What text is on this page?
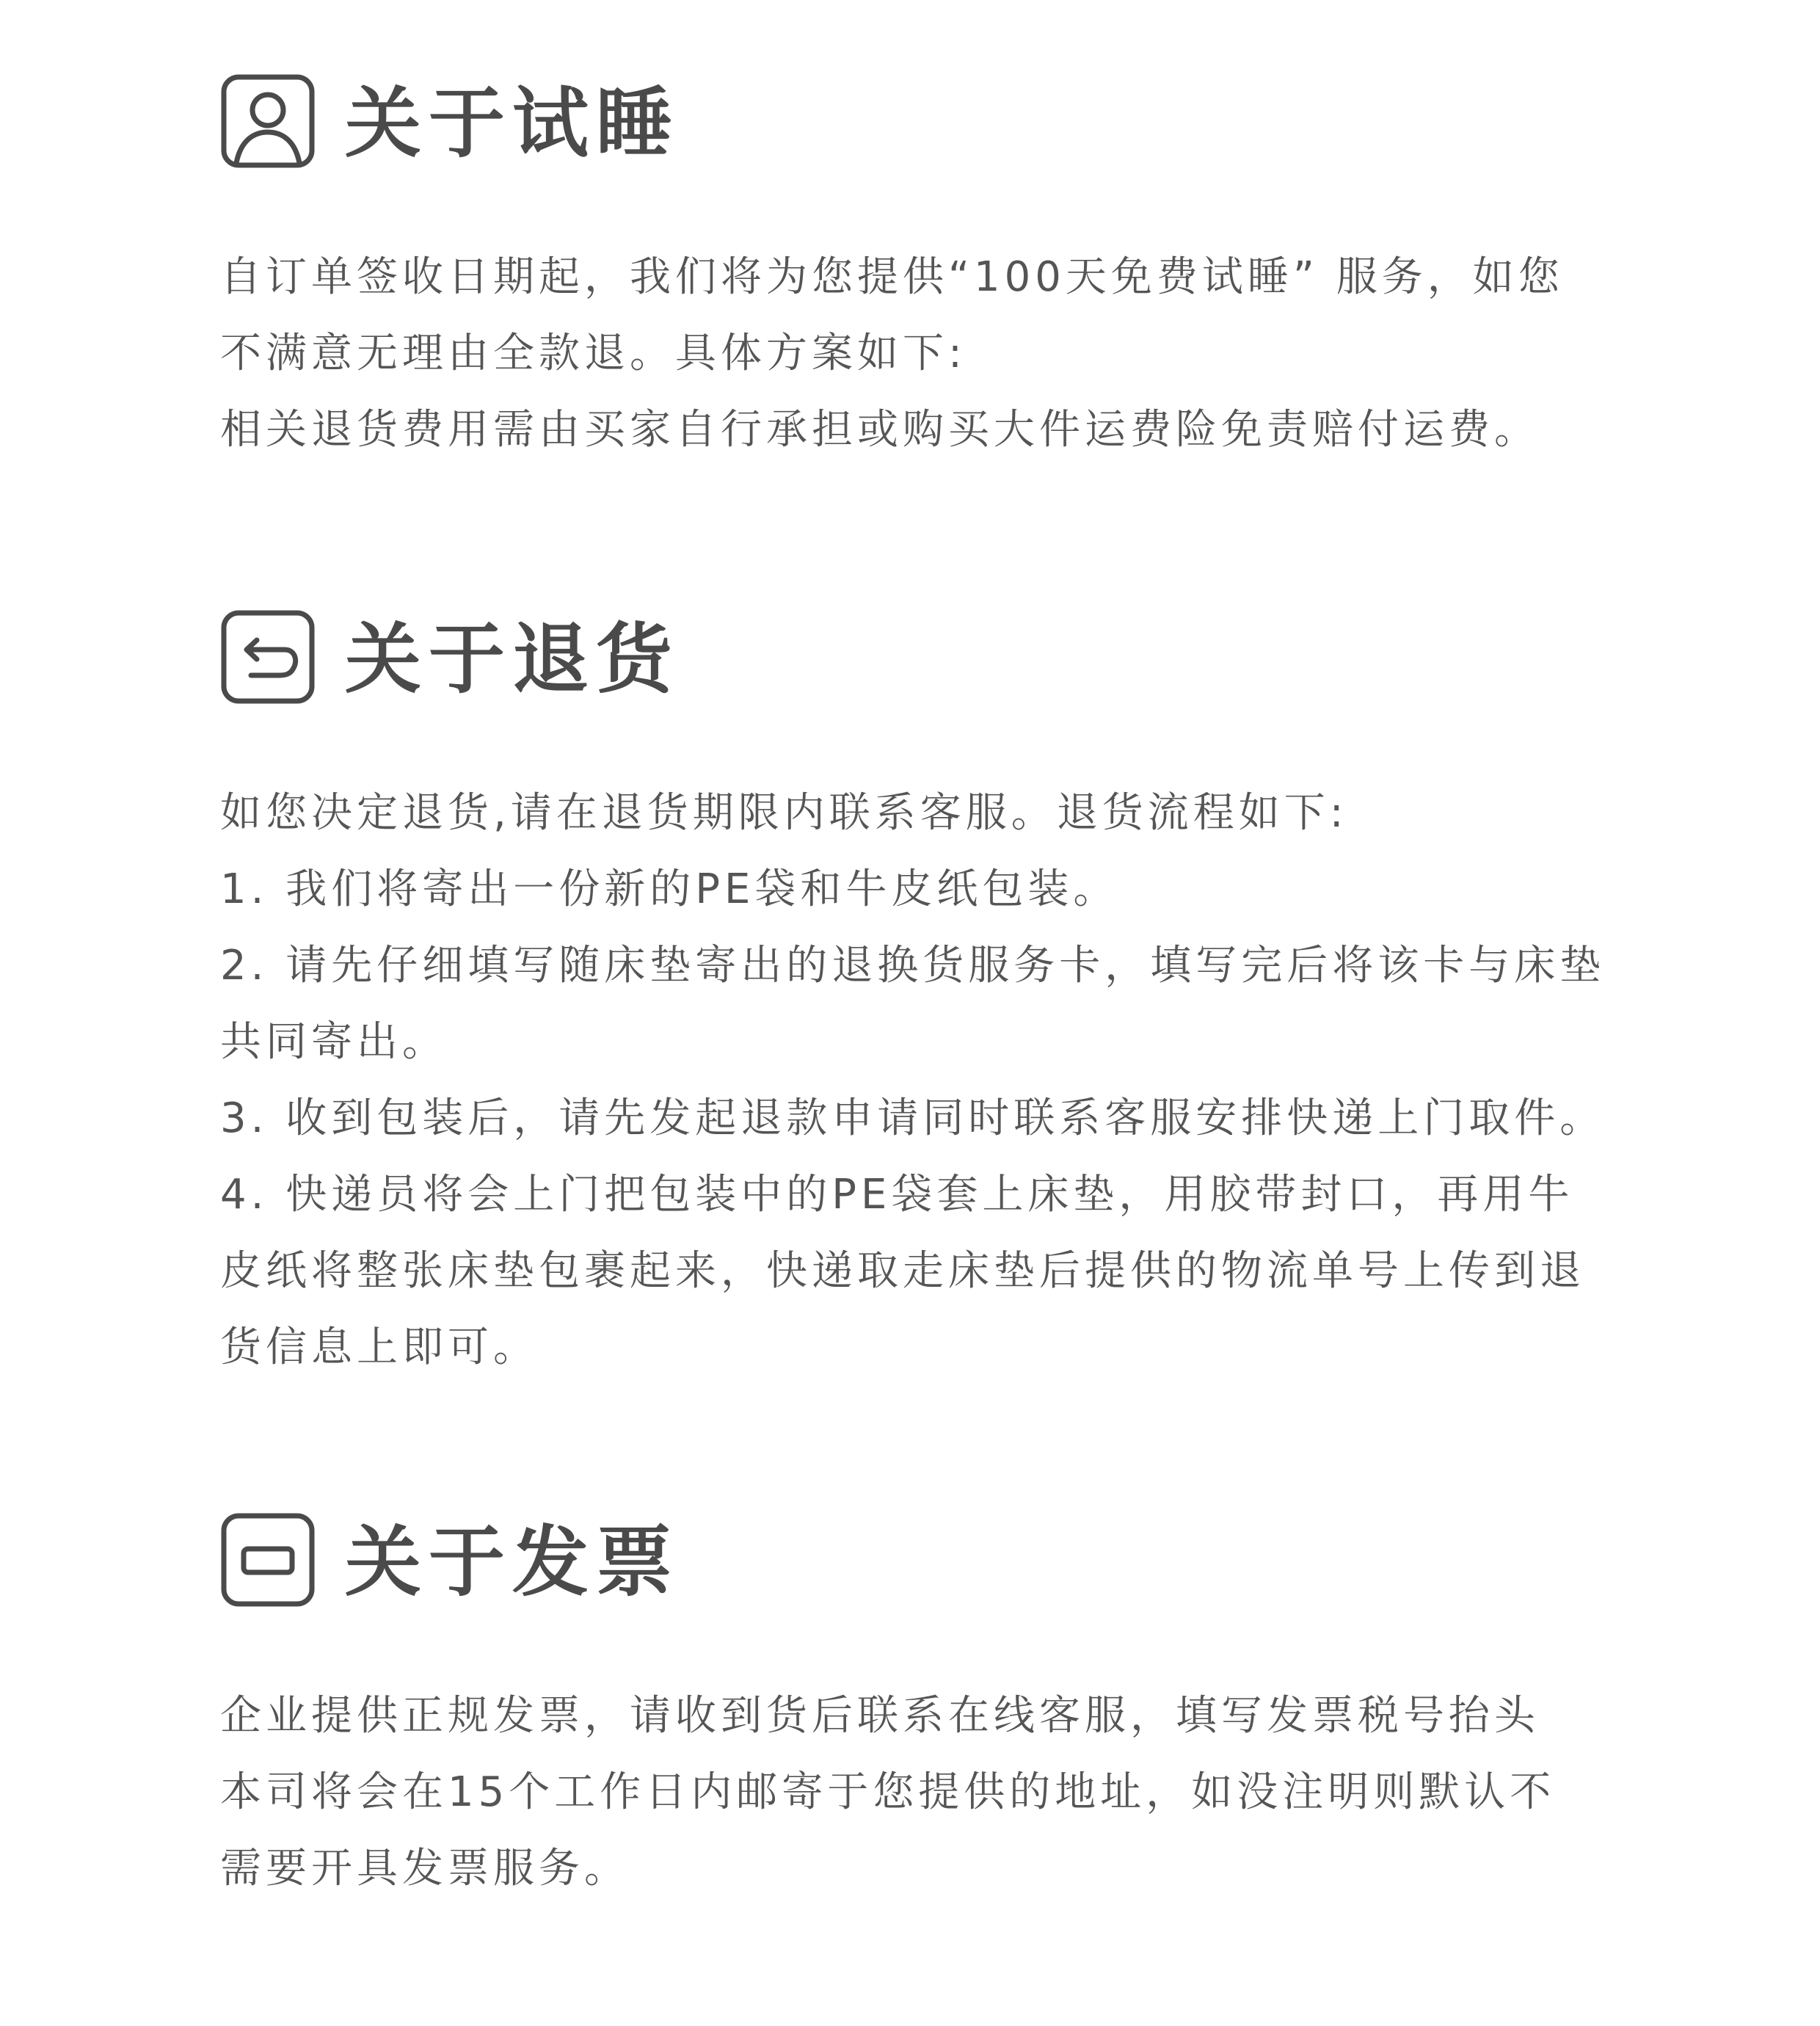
关于试睡

自订单签收日期起，我们将为您提供“100天免费试睡” 服务，如您

不满意无理由全款退。具体方案如下:

相关退货费用需由买家自行承担或购买大件运费险免责赔付运费。

关于退货

如您决定退货,请在退货期限内联系客服。退货流程如下:

1. 我们将寄出一份新的PE袋和牛皮纸包装。

2. 请先仔细填写随床垫寄出的退换货服务卡，填写完后将该卡与床垫

共同寄出。

3. 收到包装后，请先发起退款申请同时联系客服安排快递上门取件。

4. 快递员将会上门把包装中的PE袋套上床垫，用胶带封口，再用牛

皮纸将整张床垫包裹起来，快递取走床垫后提供的物流单号上传到退

货信息上即可。

关于发票

企业提供正规发票，请收到货后联系在线客服，填写发票税号抬头

本司将会在15个工作日内邮寄于您提供的地址，如没注明则默认不

需要开具发票服务。
